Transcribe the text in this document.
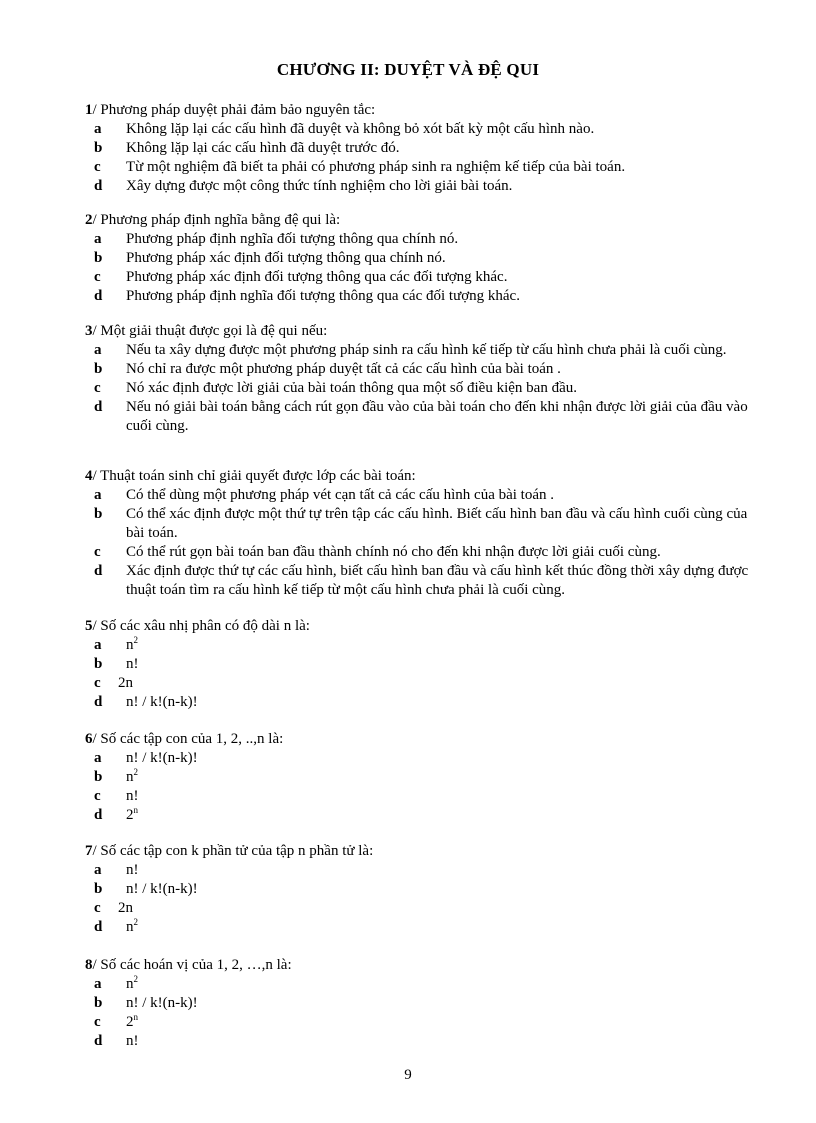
CHƯƠNG II: DUYỆT VÀ ĐỆ QUI
1/ Phương pháp duyệt phải đảm bảo nguyên tắc:
a Không lặp lại các cấu hình đã duyệt và không bỏ xót bất kỳ một cấu hình nào.
b Không lặp lại các cấu hình đã duyệt trước đó.
c Từ một nghiệm đã biết ta phải có phương pháp sinh ra nghiệm kế tiếp của bài toán.
d Xây dựng được một công thức tính nghiệm cho lời giải bài toán.
2/ Phương pháp định nghĩa bằng đệ qui là:
a Phương pháp định nghĩa đối tượng thông qua chính nó.
b Phương pháp xác định đối tượng thông qua chính nó.
c Phương pháp xác định đối tượng thông qua các đối tượng khác.
d Phương pháp định nghĩa đối tượng thông qua các đối tượng khác.
3/ Một giải thuật được gọi là đệ qui nếu:
a Nếu ta xây dựng được một phương pháp sinh ra cấu hình kế tiếp từ cấu hình chưa phải là cuối cùng.
b Nó chỉ ra được một phương pháp duyệt tất cả các cấu hình của bài toán .
c Nó xác định được lời giải của bài toán thông qua một số điều kiện ban đầu.
d Nếu nó giải bài toán bằng cách rút gọn đầu vào của bài toán cho đến khi nhận được lời giải của đầu vào cuối cùng.
4/ Thuật toán sinh chỉ giải quyết được lớp các bài toán:
a Có thể dùng một phương pháp vét cạn tất cả các cấu hình của bài toán .
b Có thể xác định được một thứ tự trên tập các cấu hình. Biết cấu hình ban đầu và cấu hình cuối cùng của bài toán.
c Có thể rút gọn bài toán ban đầu thành chính nó cho đến khi nhận được lời giải cuối cùng.
d Xác định được thứ tự các cấu hình, biết cấu hình ban đầu và cấu hình kết thúc đồng thời xây dựng được thuật toán tìm ra cấu hình kế tiếp từ một cấu hình chưa phải là cuối cùng.
5/ Số các xâu nhị phân có độ dài n là:
a $n^2$
b n!
c 2n
d n! / k!(n-k)!
6/ Số các tập con của 1, 2, ..,n là:
a n! / k!(n-k)!
b $n^2$
c n!
d 2$^n$
7/ Số các tập con k phần tử của tập n phần tử là:
a n!
b n! / k!(n-k)!
c 2n
d $n^2$
8/ Số các hoán vị của 1, 2, …,n là:
a $n^2$
b n! / k!(n-k)!
c 2$^n$
d n!
9
